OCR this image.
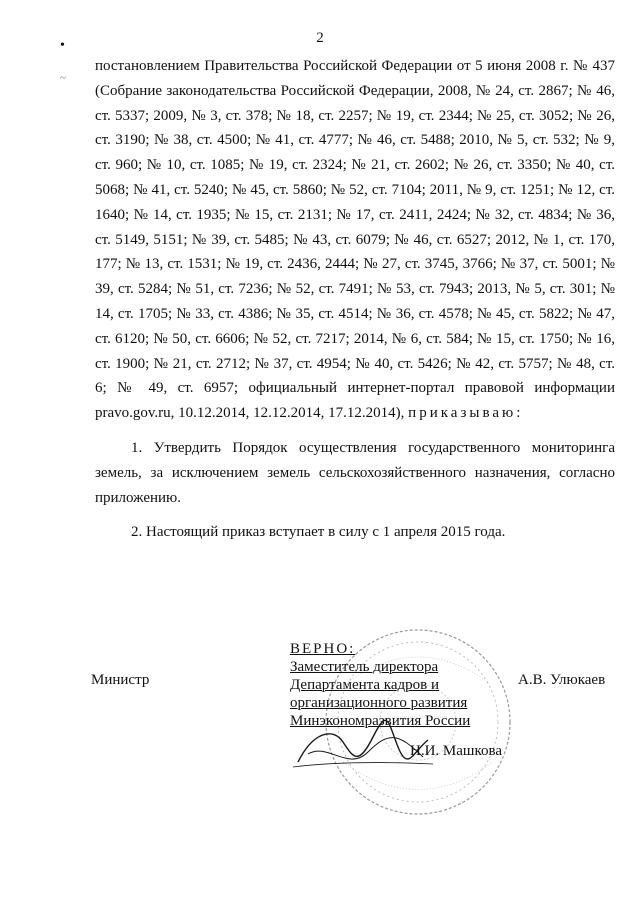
2
•
~

постановлением Правительства Российской Федерации от 5 июня 2008 г. № 437 (Собрание законодательства Российской Федерации, 2008, № 24, ст. 2867; № 46, ст. 5337; 2009, № 3, ст. 378; № 18, ст. 2257; № 19, ст. 2344; № 25, ст. 3052; № 26, ст. 3190; № 38, ст. 4500; № 41, ст. 4777; № 46, ст. 5488; 2010, № 5, ст. 532; № 9, ст. 960; № 10, ст. 1085; № 19, ст. 2324; № 21, ст. 2602; № 26, ст. 3350; № 40, ст. 5068; № 41, ст. 5240; № 45, ст. 5860; № 52, ст. 7104; 2011, № 9, ст. 1251; № 12, ст. 1640; № 14, ст. 1935; № 15, ст. 2131; № 17, ст. 2411, 2424; № 32, ст. 4834; № 36, ст. 5149, 5151; № 39, ст. 5485; № 43, ст. 6079; № 46, ст. 6527; 2012, № 1, ст. 170, 177; № 13, ст. 1531; № 19, ст. 2436, 2444; № 27, ст. 3745, 3766; № 37, ст. 5001; № 39, ст. 5284; № 51, ст. 7236; № 52, ст. 7491; № 53, ст. 7943; 2013, № 5, ст. 301; № 14, ст. 1705; № 33, ст. 4386; № 35, ст. 4514; № 36, ст. 4578; № 45, ст. 5822; № 47, ст. 6120; № 50, ст. 6606; № 52, ст. 7217; 2014, № 6, ст. 584; № 15, ст. 1750; № 16, ст. 1900; № 21, ст. 2712; № 37, ст. 4954; № 40, ст. 5426; № 42, ст. 5757; № 48, ст. 6; № 49, ст. 6957; официальный интернет-портал правовой информации pravo.gov.ru, 10.12.2014, 12.12.2014, 17.12.2014), приказываю:

1. Утвердить Порядок осуществления государственного мониторинга земель, за исключением земель сельскохозяйственного назначения, согласно приложению.

2. Настоящий приказ вступает в силу с 1 апреля 2015 года.

Министр	А.В. Улюкаев
ВЕРНО:
Заместитель директора
Департамента кадров и
организационного развития
Минэкономразвития России
Н.И. Машкова
